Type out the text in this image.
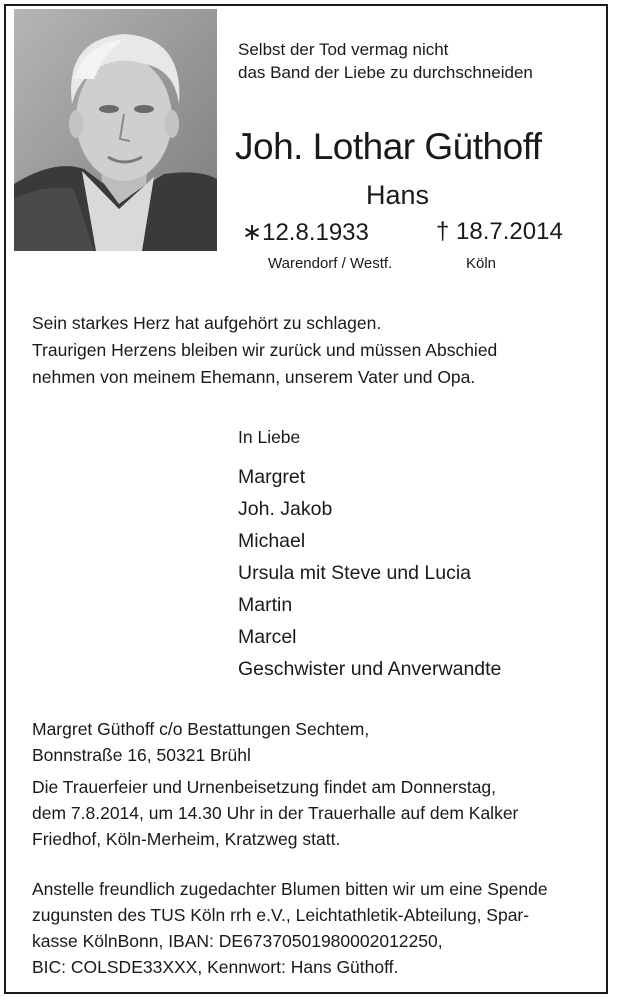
Selbst der Tod vermag nicht
das Band der Liebe zu durchschneiden
Joh. Lothar Güthoff
Hans
∗12.8.1933	† 18.7.2014
Warendorf / Westf.	Köln
Sein starkes Herz hat aufgehört zu schlagen.
Traurigen Herzens bleiben wir zurück und müssen Abschied
nehmen von meinem Ehemann, unserem Vater und Opa.
In Liebe
Margret
Joh. Jakob
Michael
Ursula mit Steve und Lucia
Martin
Marcel
Geschwister und Anverwandte
Margret Güthoff c/o Bestattungen Sechtem,
Bonnstraße 16, 50321 Brühl
Die Trauerfeier und Urnenbeisetzung findet am Donnerstag,
dem 7.8.2014, um 14.30 Uhr in der Trauerhalle auf dem Kalker
Friedhof, Köln-Merheim, Kratzweg statt.
Anstelle freundlich zugedachter Blumen bitten wir um eine Spende
zugunsten des TUS Köln rrh e.V., Leichtathletik-Abteilung, Spar-
kasse KölnBonn, IBAN: DE67370501980002012250,
BIC: COLSDE33XXX, Kennwort: Hans Güthoff.
